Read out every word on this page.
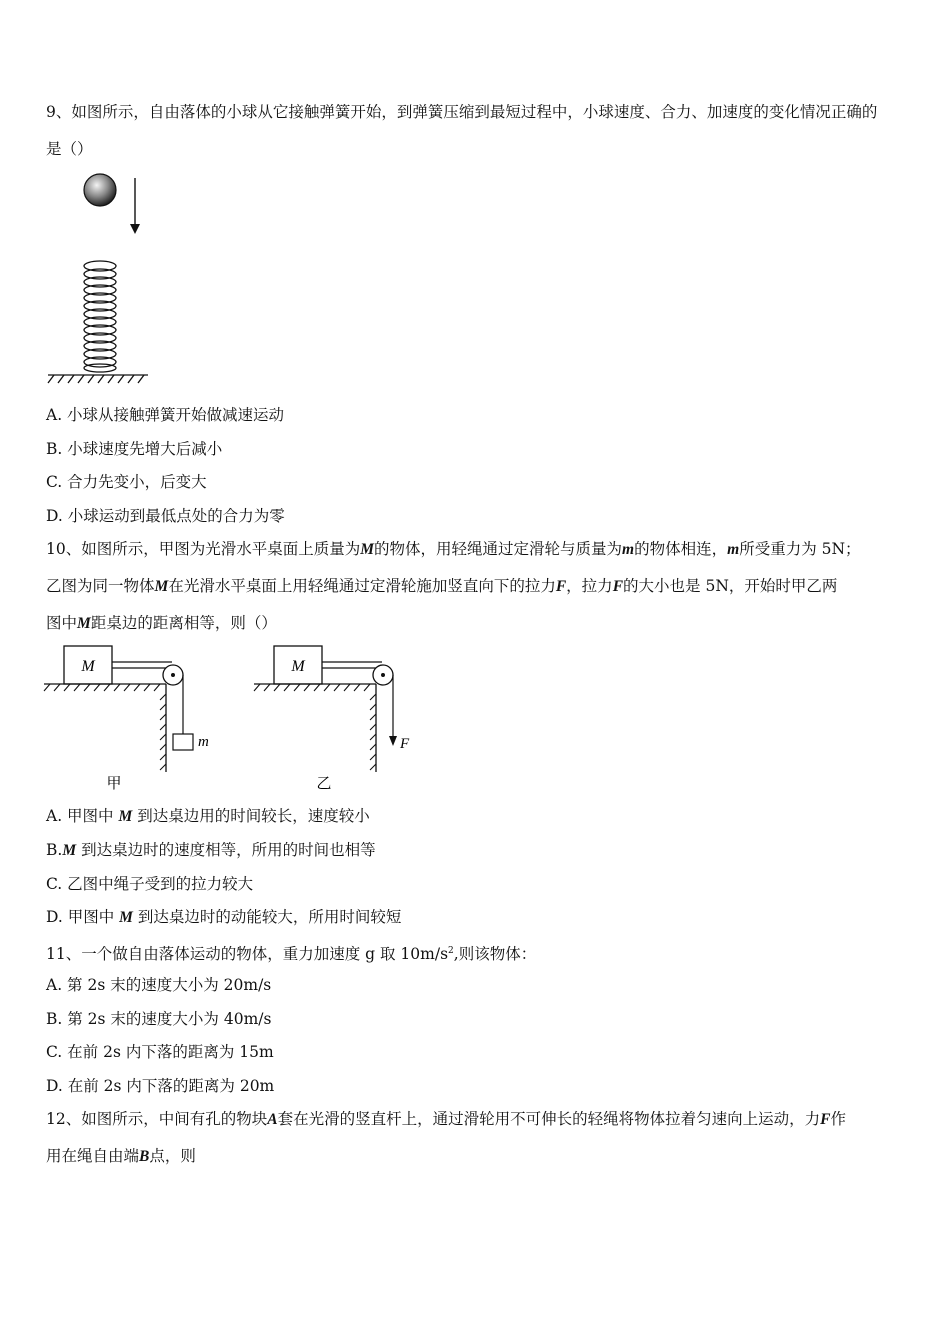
9、如图所示，自由落体的小球从它接触弹簧开始，到弹簧压缩到最短过程中，小球速度、合力、加速度的变化情况正确的
是（）
A. 小球从接触弹簧开始做减速运动
B. 小球速度先增大后减小
C. 合力先变小，后变大
D. 小球运动到最低点处的合力为零
10、如图所示，甲图为光滑水平桌面上质量为M的物体，用轻绳通过定滑轮与质量为m的物体相连，m所受重力为 5N；
乙图为同一物体M在光滑水平桌面上用轻绳通过定滑轮施加竖直向下的拉力F，拉力F的大小也是 5N，开始时甲乙两
图中M距桌边的距离相等，则（）
M
m
甲
M
F
乙
A. 甲图中 M 到达桌边用的时间较长，速度较小
B.M 到达桌边时的速度相等，所用的时间也相等
C. 乙图中绳子受到的拉力较大
D. 甲图中 M 到达桌边时的动能较大，所用时间较短
11、一个做自由落体运动的物体，重力加速度 g 取 $10m/s^2$,则该物体：
A. 第 2s 末的速度大小为 20m/s
B. 第 2s 末的速度大小为 40m/s
C. 在前 2s 内下落的距离为 15m
D. 在前 2s 内下落的距离为 20m
12、如图所示，中间有孔的物块A套在光滑的竖直杆上，通过滑轮用不可伸长的轻绳将物体拉着匀速向上运动，力F作
用在绳自由端B点，则
